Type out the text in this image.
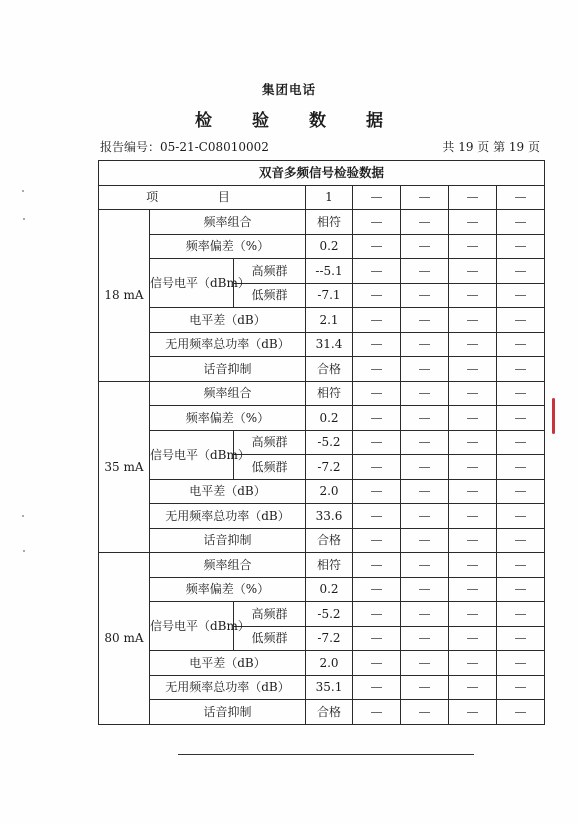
集团电话
检 验 数 据
报告编号：05-21-C08010002	共 19 页 第 19 页
双音多频信号检验数据							
项 目			1	—	—	—	—
18 mA	频率组合		相符	—	—	—	—
	频率偏差（%）		0.2	—	—	—	—
	信号电平（dBm）	高频群	--5.1	—	—	—	—
		低频群	-7.1	—	—	—	—
	电平差（dB）		2.1	—	—	—	—
	无用频率总功率（dB）		31.4	—	—	—	—
	话音抑制		合格	—	—	—	—
35 mA	频率组合		相符	—	—	—	—
	频率偏差（%）		0.2	—	—	—	—
	信号电平（dBm）	高频群	-5.2	—	—	—	—
		低频群	-7.2	—	—	—	—
	电平差（dB）		2.0	—	—	—	—
	无用频率总功率（dB）		33.6	—	—	—	—
	话音抑制		合格	—	—	—	—
80 mA	频率组合		相符	—	—	—	—
	频率偏差（%）		0.2	—	—	—	—
	信号电平（dBm）	高频群	-5.2	—	—	—	—
		低频群	-7.2	—	—	—	—
	电平差（dB）		2.0	—	—	—	—
	无用频率总功率（dB）		35.1	—	—	—	—
	话音抑制		合格	—	—	—	—
